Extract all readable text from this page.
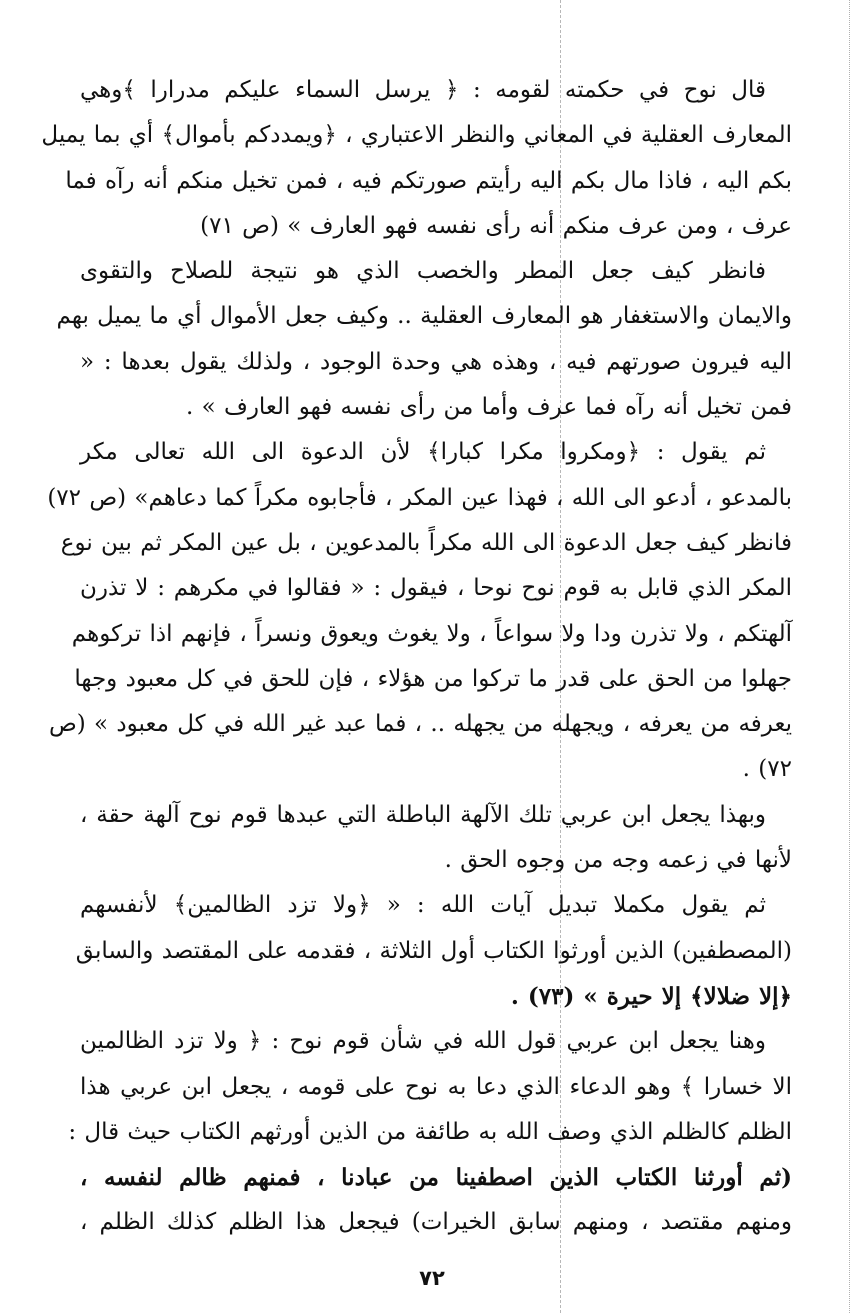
قال نوح في حكمته لقومه : ﴿ يرسل السماء عليكم مدرارا ﴾وهي
المعارف العقلية في المعاني والنظر الاعتباري ، ﴿ويمددكم بأموال﴾ أي بما يميل
بكم اليه ، فاذا مال بكم اليه رأيتم صورتكم فيه ، فمن تخيل منكم أنه رآه فما
عرف ، ومن عرف منكم أنه رأى نفسه فهو العارف » (ص ٧١)
فانظر كيف جعل المطر والخصب الذي هو نتيجة للصلاح والتقوى
والايمان والاستغفار هو المعارف العقلية .. وكيف جعل الأموال أي ما يميل بهم
اليه فيرون صورتهم فيه ، وهذه هي وحدة الوجود ، ولذلك يقول بعدها : «
فمن تخيل أنه رآه فما عرف وأما من رأى نفسه فهو العارف » .
ثم يقول : ﴿ومكروا مكرا كبارا﴾ لأن الدعوة الى الله تعالى مكر
بالمدعو ، أدعو الى الله ، فهذا عين المكر ، فأجابوه مكراً كما دعاهم» (ص ٧٢)
فانظر كيف جعل الدعوة الى الله مكراً بالمدعوين ، بل عين المكر ثم بين نوع
المكر الذي قابل به قوم نوح نوحا ، فيقول : « فقالوا في مكرهم : لا تذرن
آلهتكم ، ولا تذرن ودا ولا سواعاً ، ولا يغوث ويعوق ونسراً ، فإنهم اذا تركوهم
جهلوا من الحق على قدر ما تركوا من هؤلاء ، فإن للحق في كل معبود وجها
يعرفه من يعرفه ، ويجهله من يجهله .. ، فما عبد غير الله في كل معبود » (ص
٧٢) .
وبهذا يجعل ابن عربي تلك الآلهة الباطلة التي عبدها قوم نوح آلهة حقة ،
لأنها في زعمه وجه من وجوه الحق .
ثم يقول مكملا تبديل آيات الله : « ﴿ولا تزد الظالمين﴾ لأنفسهم
(المصطفين) الذين أورثوا الكتاب أول الثلاثة ، فقدمه على المقتصد والسابق
﴿إلا ضلالا﴾ إلا حيرة » (٧٣) .
وهنا يجعل ابن عربي قول الله في شأن قوم نوح : ﴿ ولا تزد الظالمين
الا خسارا ﴾ وهو الدعاء الذي دعا به نوح على قومه ، يجعل ابن عربي هذا
الظلم كالظلم الذي وصف الله به طائفة من الذين أورثهم الكتاب حيث قال :
(ثم أورثنا الكتاب الذين اصطفينا من عبادنا ، فمنهم ظالم لنفسه ،
ومنهم مقتصد ، ومنهم سابق الخيرات) فيجعل هذا الظلم كذلك الظلم ،
٧٢
